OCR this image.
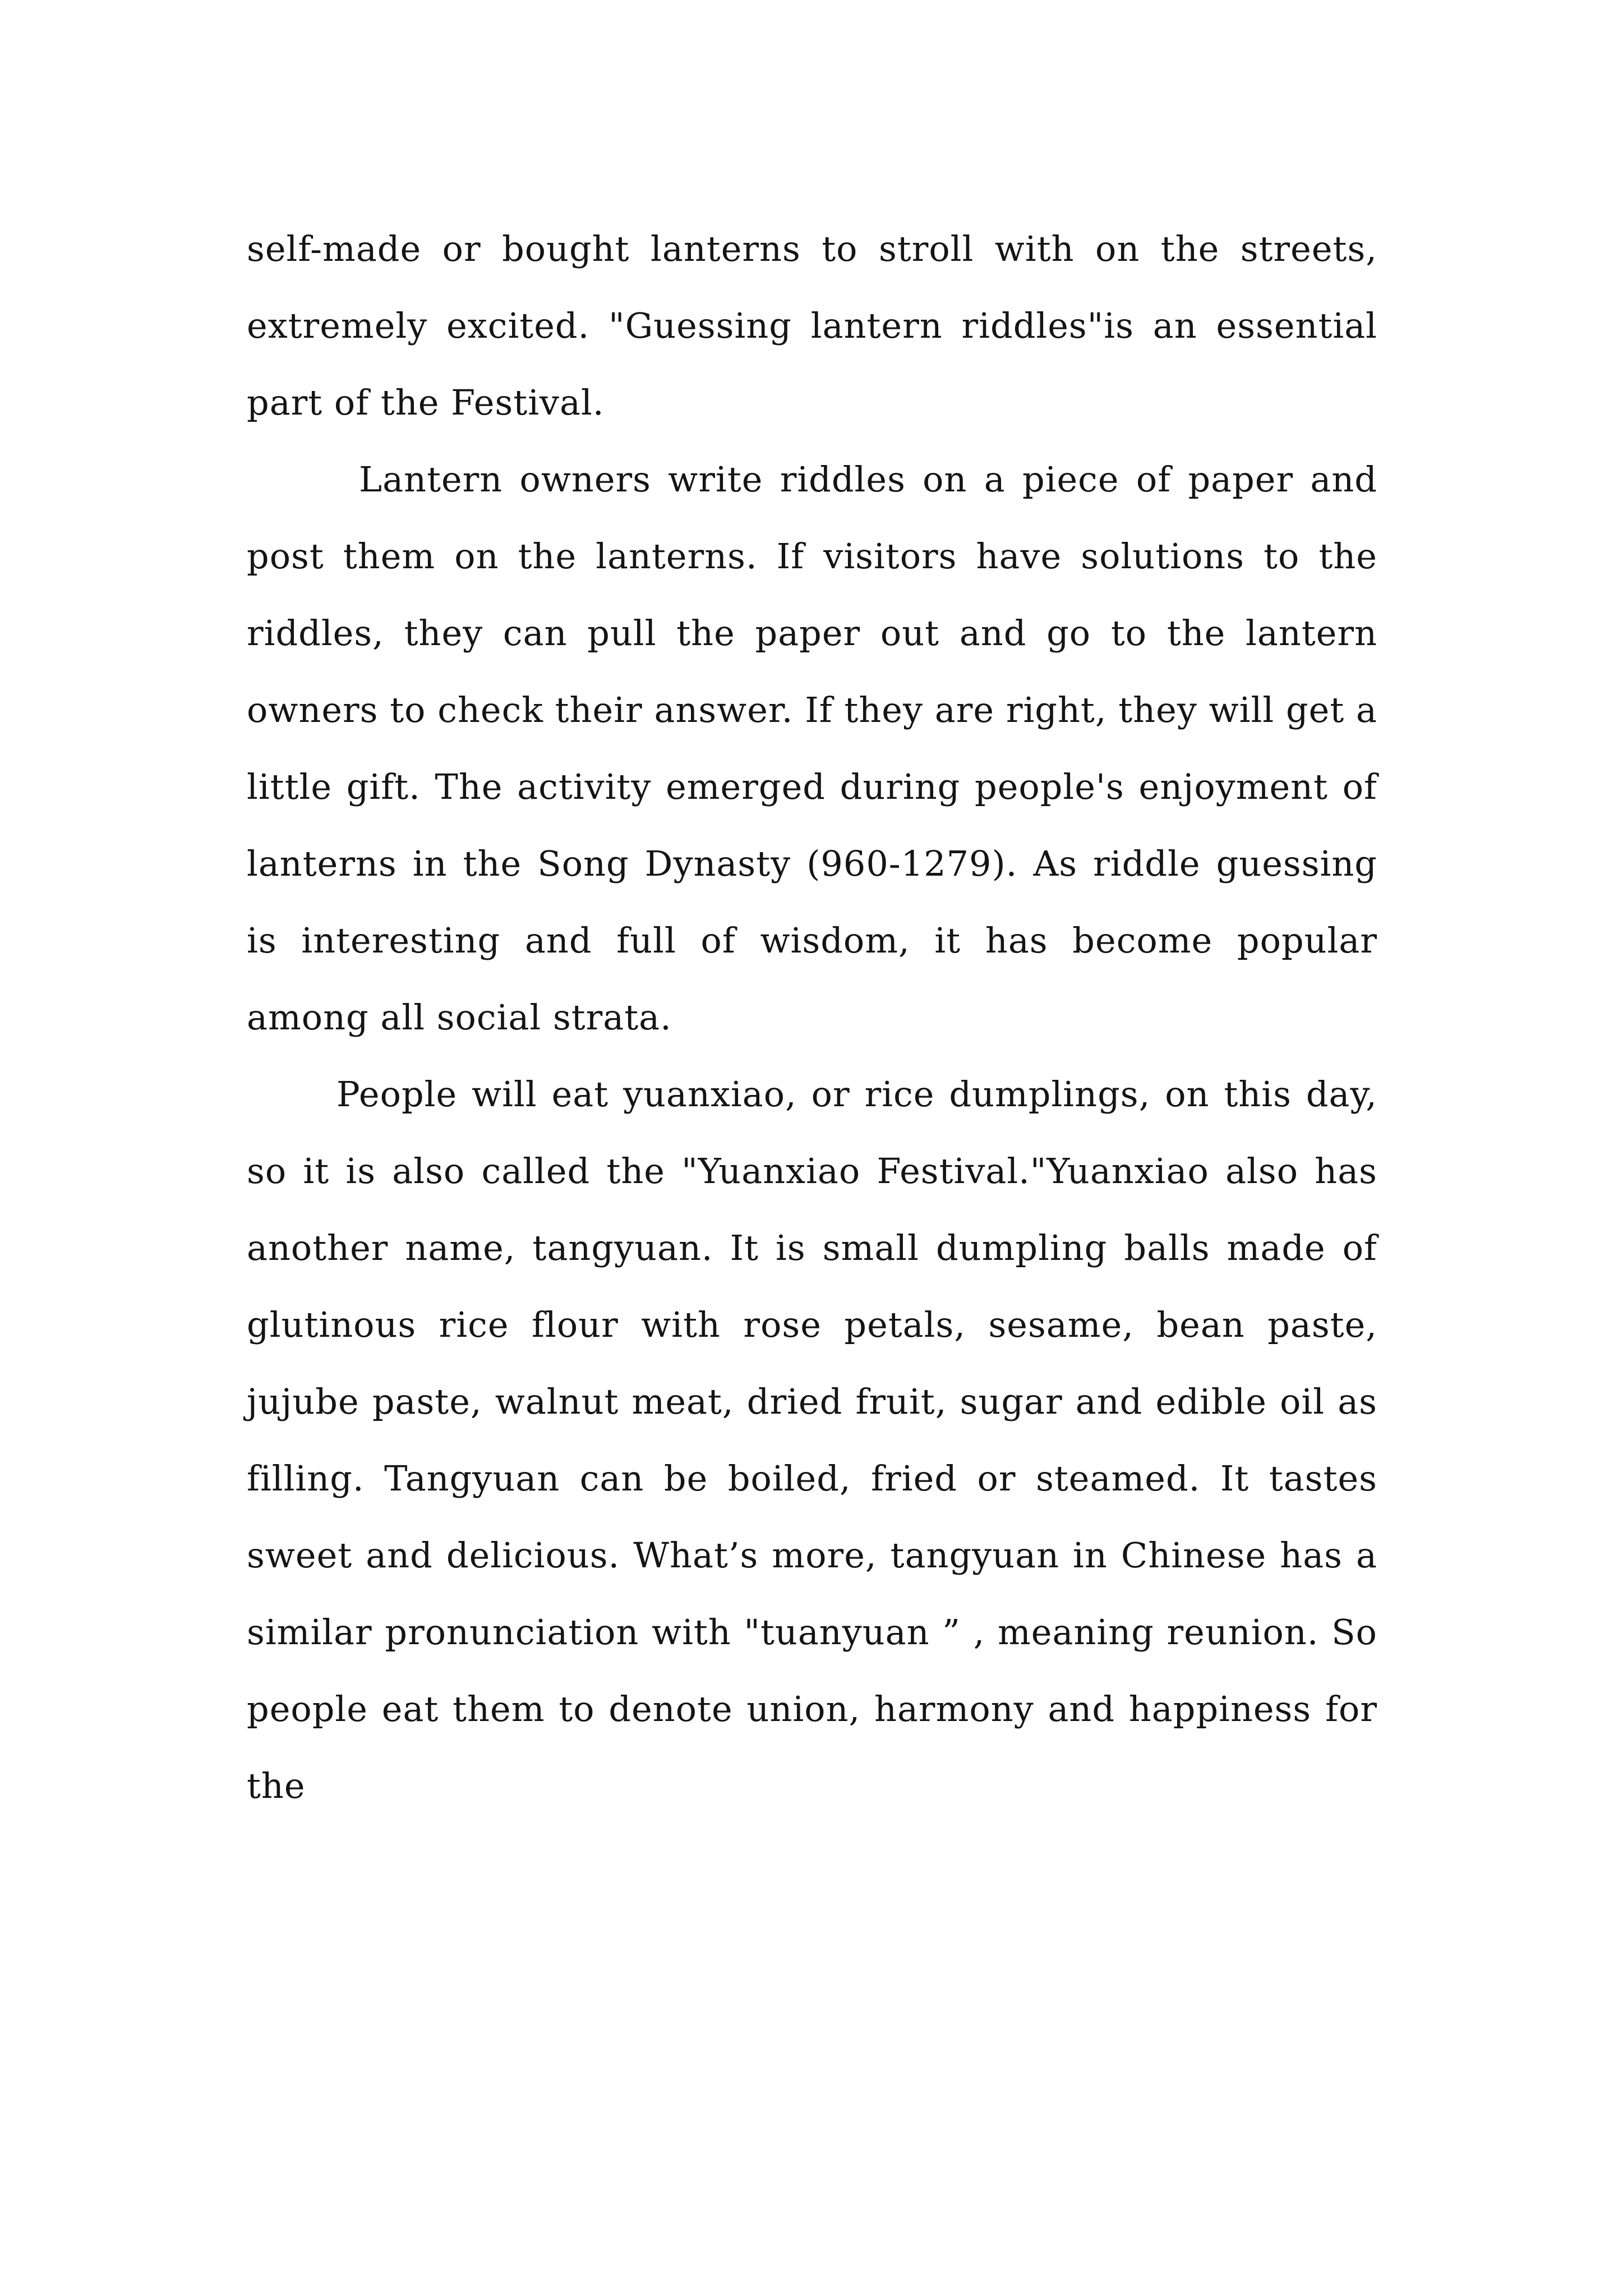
self-made or bought lanterns to stroll with on the streets, extremely excited. "Guessing lantern riddles"is an essential part of the Festival.

Lantern owners write riddles on a piece of paper and post them on the lanterns. If visitors have solutions to the riddles, they can pull the paper out and go to the lantern owners to check their answer. If they are right, they will get a little gift. The activity emerged during people's enjoyment of lanterns in the Song Dynasty (960-1279). As riddle guessing is interesting and full of wisdom, it has become popular among all social strata.

People will eat yuanxiao, or rice dumplings, on this day, so it is also called the "Yuanxiao Festival."Yuanxiao also has another name, tangyuan. It is small dumpling balls made of glutinous rice flour with rose petals, sesame, bean paste, jujube paste, walnut meat, dried fruit, sugar and edible oil as filling. Tangyuan can be boiled, fried or steamed. It tastes sweet and delicious. What’s more, tangyuan in Chinese has a similar pronunciation with "tuanyuan ” , meaning reunion. So people eat them to denote union, harmony and happiness for the
